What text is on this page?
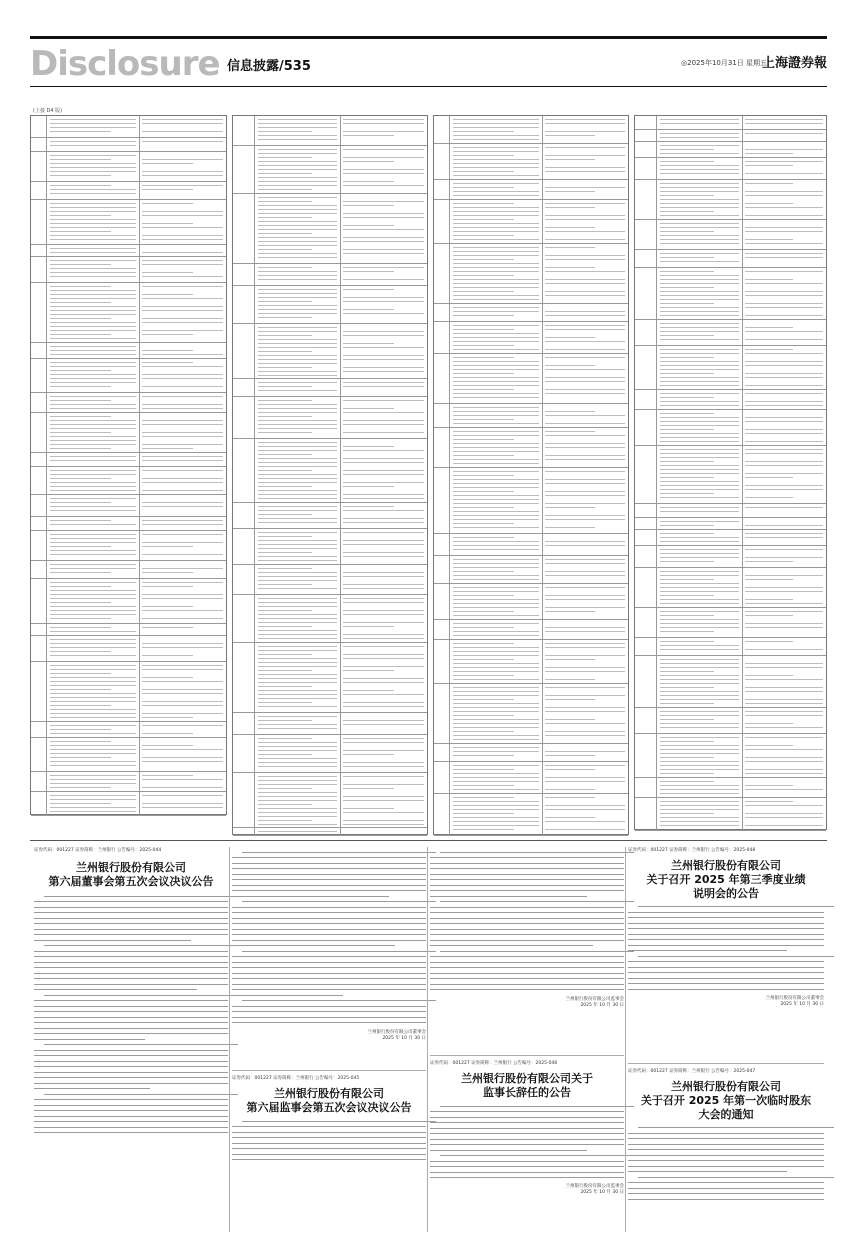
Disclosure 信息披露/535	◎2025年10月31日 星期五
上海證券報
(上接 D4 版)
证券代码：001227 证券简称：兰州银行 公告编号：2025-044
兰州银行股份有限公司
第六届董事会第五次会议决议公告
兰州银行股份有限公司董事会
2025 年 10 月 30 日
证券代码：001227 证券简称：兰州银行 公告编号：2025-045
兰州银行股份有限公司
第六届监事会第五次会议决议公告
兰州银行股份有限公司监事会
2025 年 10 月 30 日
证券代码：001227 证券简称：兰州银行 公告编号：2025-046
兰州银行股份有限公司关于
监事长辞任的公告
兰州银行股份有限公司监事会
2025 年 10 月 30 日
证券代码：001227 证券简称：兰州银行 公告编号：2025-048
兰州银行股份有限公司
关于召开 2025 年第三季度业绩
说明会的公告
兰州银行股份有限公司董事会
2025 年 10 月 30 日
证券代码：001227 证券简称：兰州银行 公告编号：2025-047
兰州银行股份有限公司
关于召开 2025 年第一次临时股东
大会的通知
